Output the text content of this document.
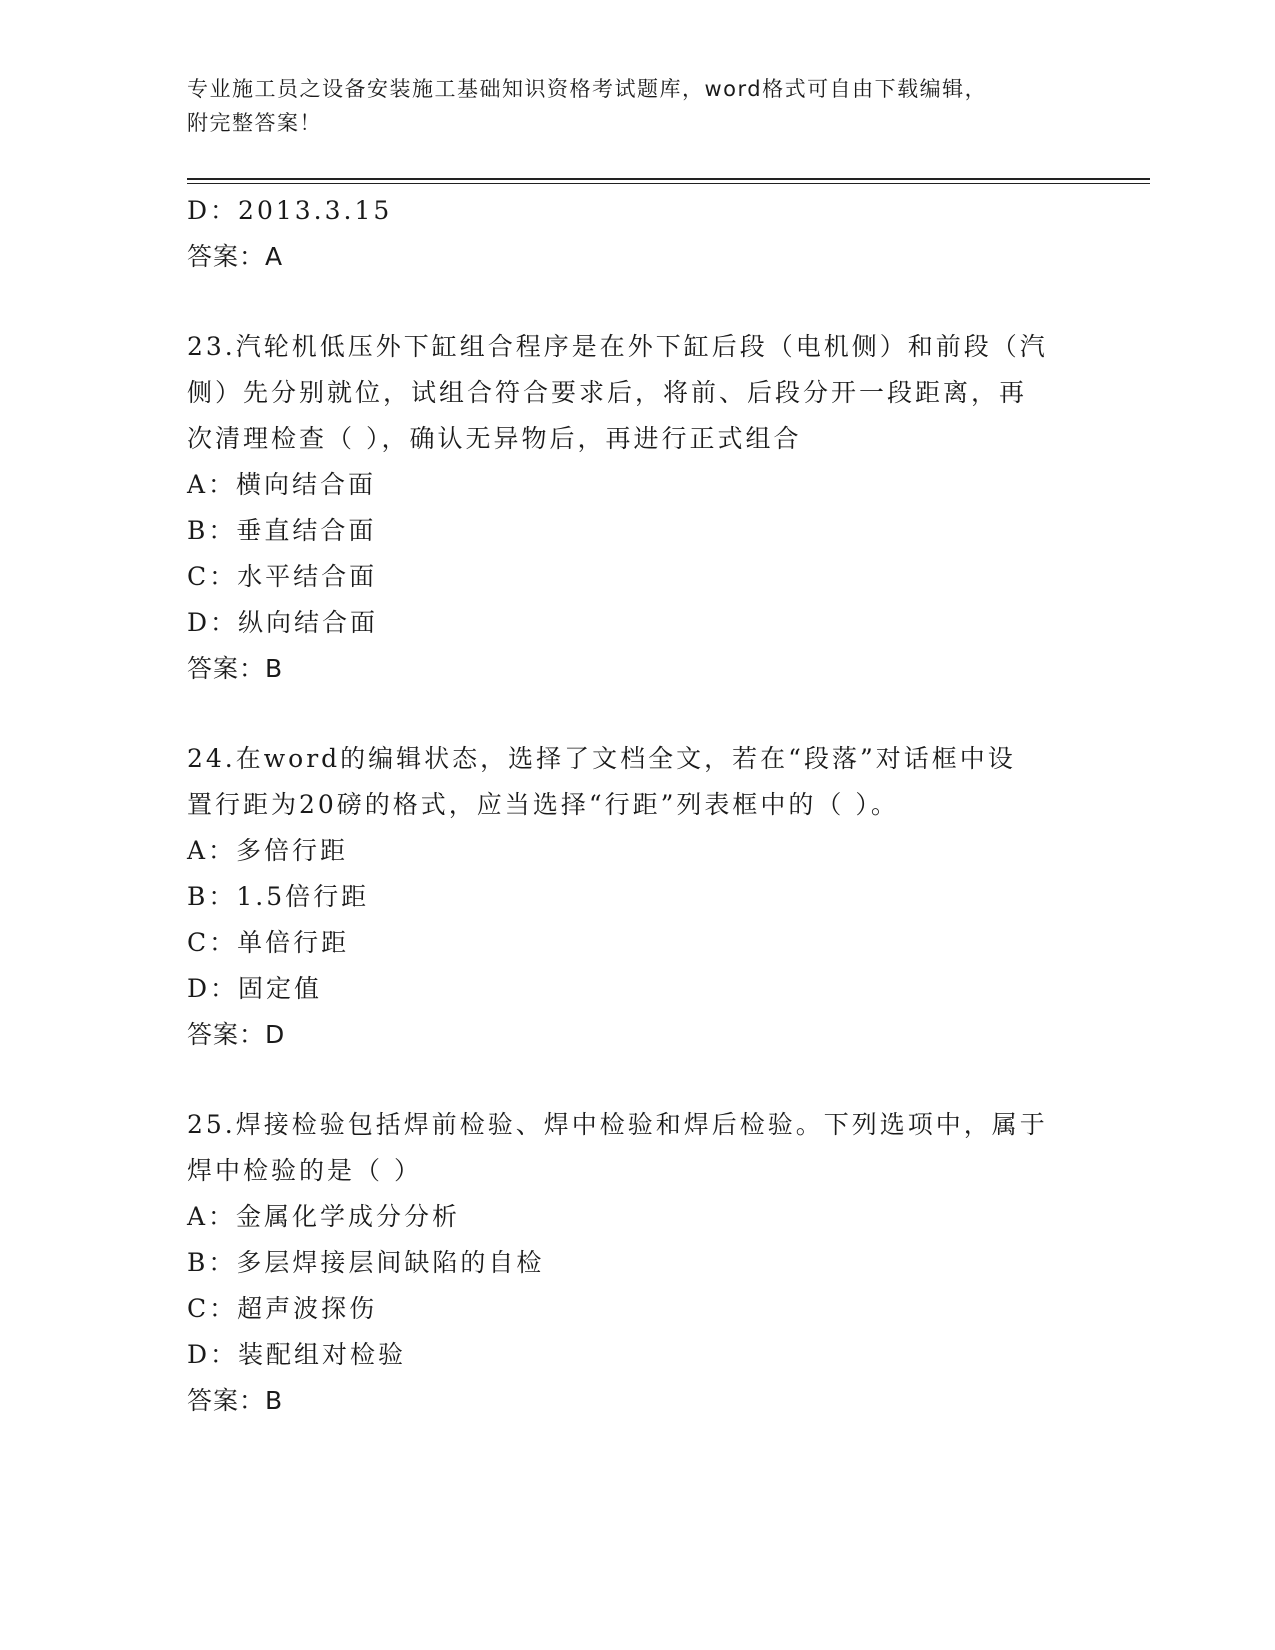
专业施工员之设备安装施工基础知识资格考试题库，word格式可自由下载编辑，
附完整答案！
D：2013.3.15
答案：A
23.汽轮机低压外下缸组合程序是在外下缸后段（电机侧）和前段（汽
侧）先分别就位，试组合符合要求后，将前、后段分开一段距离，再
次清理检查（ ），确认无异物后，再进行正式组合
A：横向结合面
B：垂直结合面
C：水平结合面
D：纵向结合面
答案：B
24.在word的编辑状态，选择了文档全文，若在“段落”对话框中设
置行距为20磅的格式，应当选择“行距”列表框中的（ ）。
A：多倍行距
B：1.5倍行距
C：单倍行距
D：固定值
答案：D
25.焊接检验包括焊前检验、焊中检验和焊后检验。下列选项中，属于
焊中检验的是（ ）
A：金属化学成分分析
B：多层焊接层间缺陷的自检
C：超声波探伤
D：装配组对检验
答案：B
